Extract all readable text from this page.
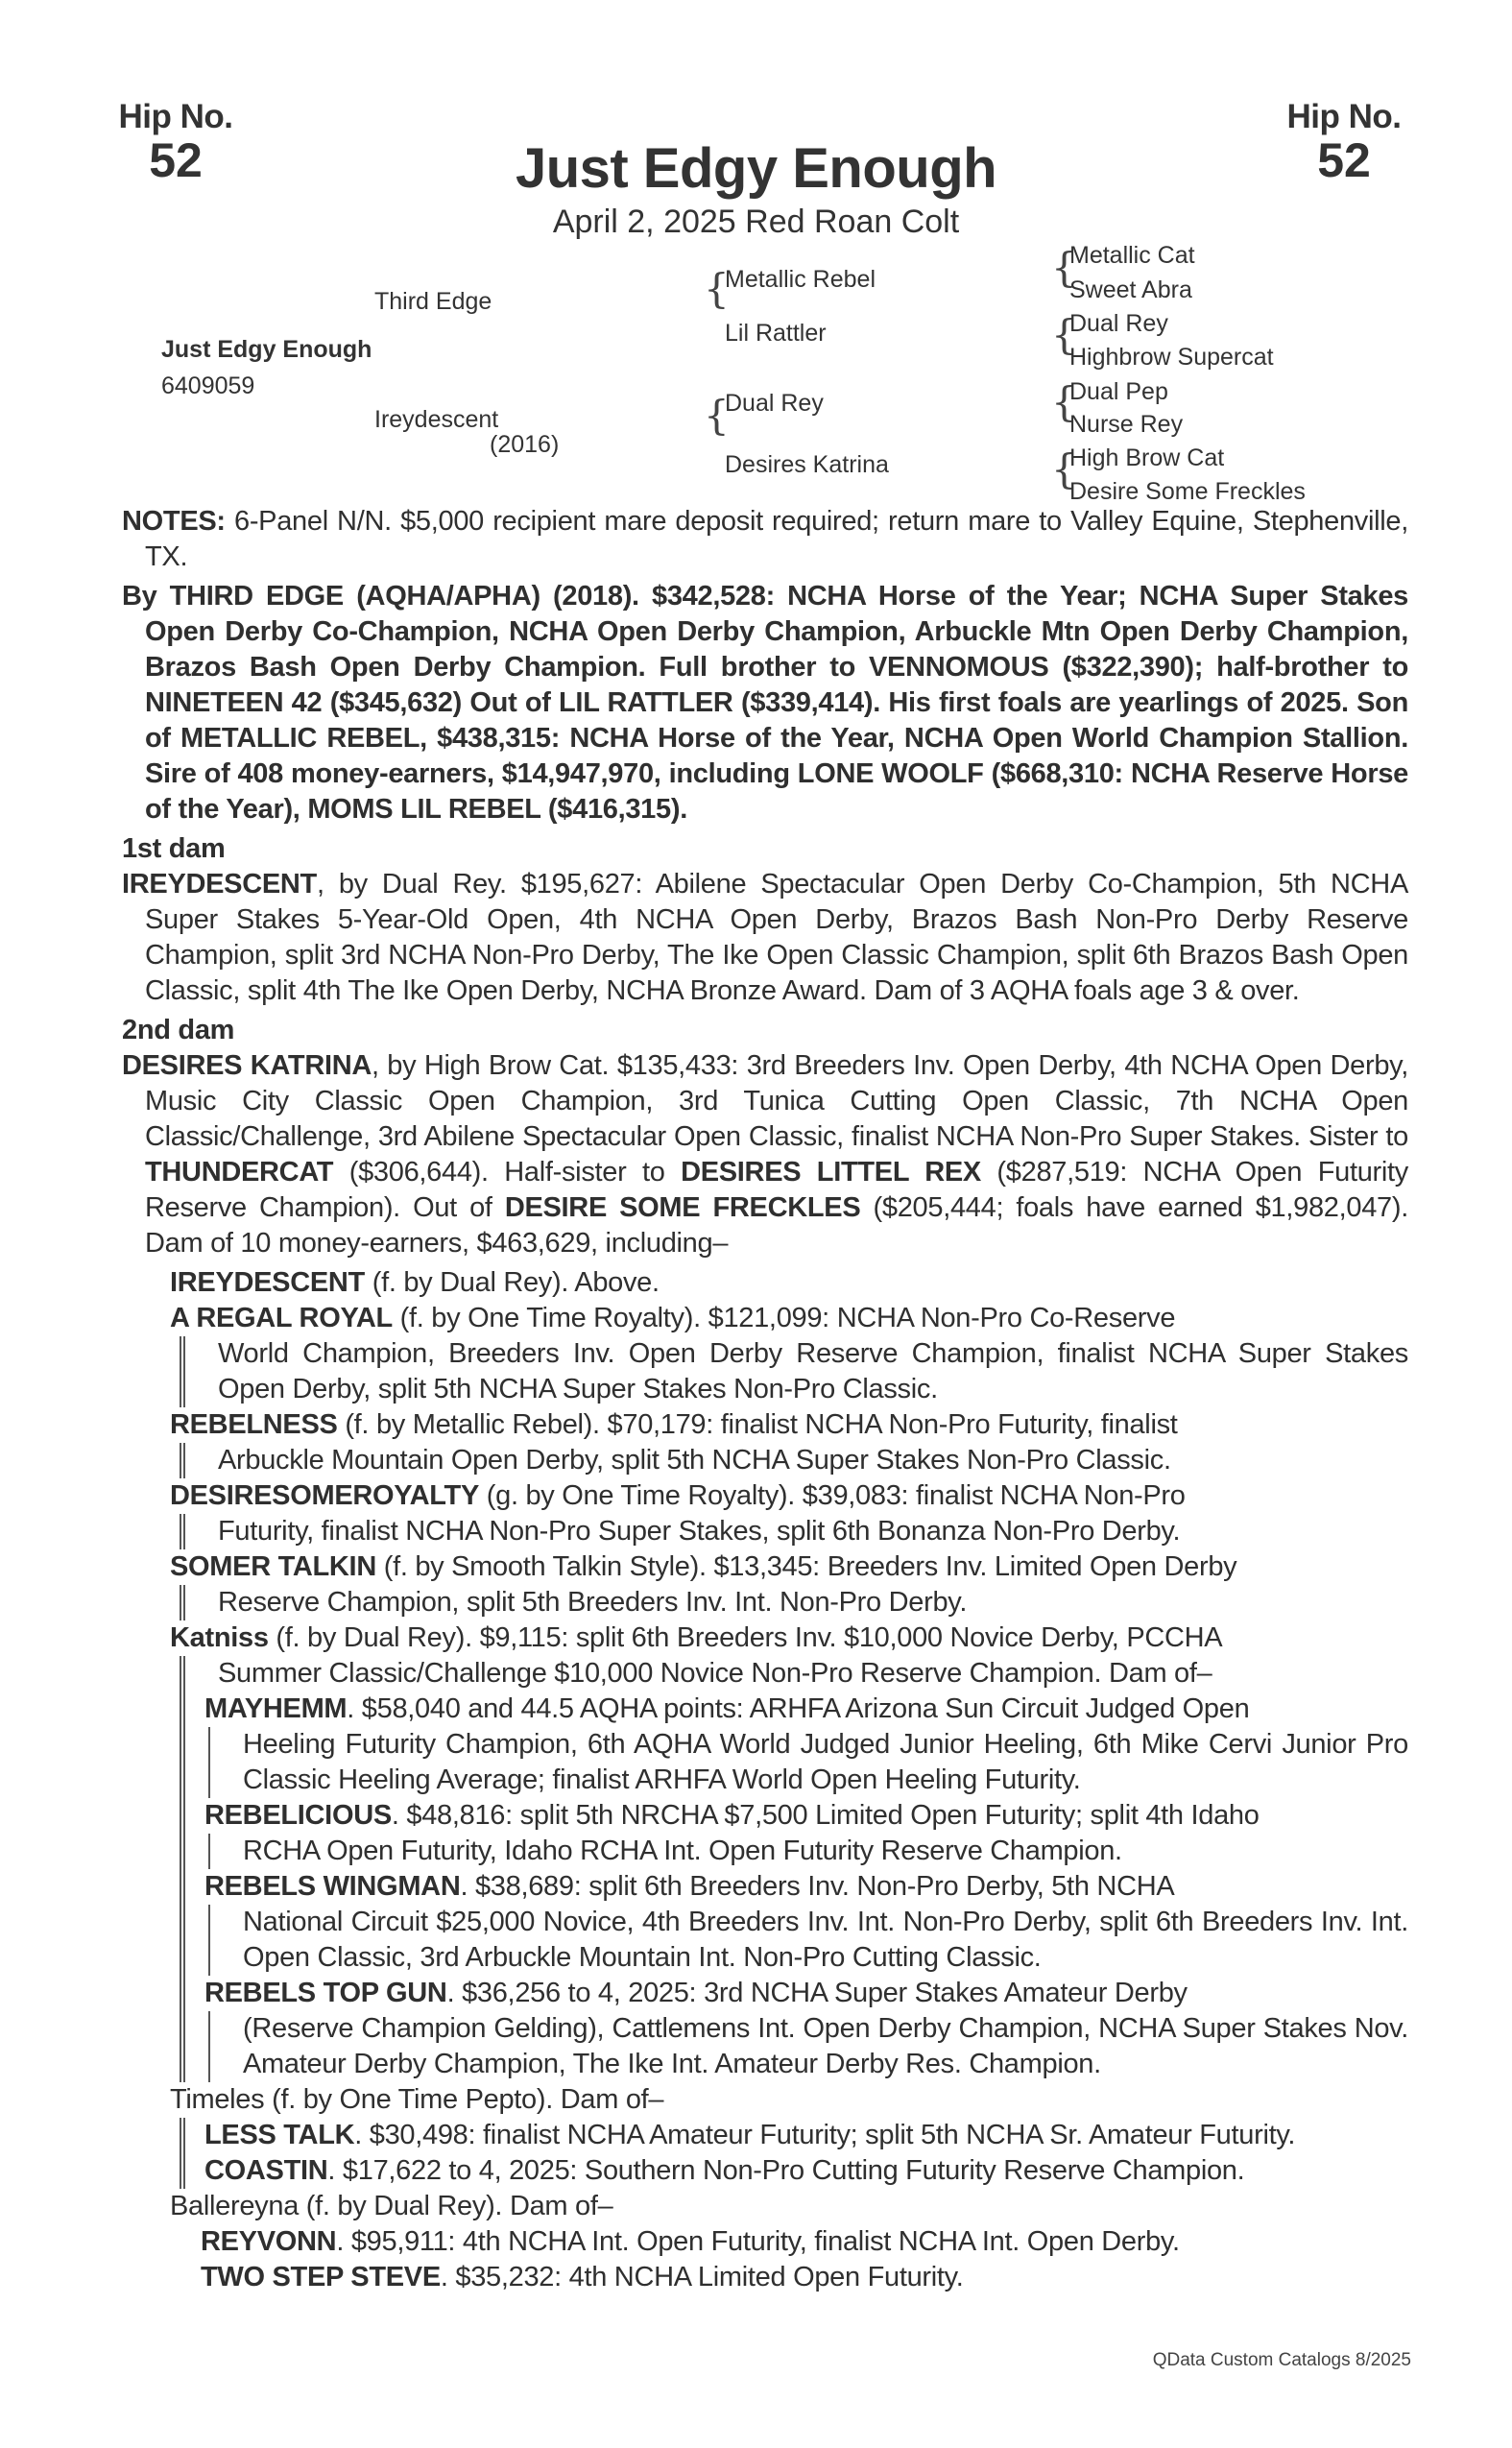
Hip No.
52
Hip No.
52
Just Edgy Enough
April 2, 2025 Red Roan Colt
Third Edge
Just Edgy Enough
6409059
Ireydescent
(2016)
{
Metallic Rebel
Lil Rattler
{
Dual Rey
Desires Katrina
{
Metallic Cat
Sweet Abra
{
Dual Rey
Highbrow Supercat
{
Dual Pep
Nurse Rey
{
High Brow Cat
Desire Some Freckles

NOTES: 6-Panel N/N. $5,000 recipient mare deposit required; return mare to Valley Equine, Stephenville, TX.

By THIRD EDGE (AQHA/APHA) (2018). $342,528: NCHA Horse of the Year; NCHA Super Stakes Open Derby Co-Champion, NCHA Open Derby Champion, Arbuckle Mtn Open Derby Champion, Brazos Bash Open Derby Champion. Full brother to VENNOMOUS ($322,390); half-brother to NINETEEN 42 ($345,632) Out of LIL RATTLER ($339,414). His first foals are yearlings of 2025. Son of METALLIC REBEL, $438,315: NCHA Horse of the Year, NCHA Open World Champion Stallion. Sire of 408 money-earners, $14,947,970, including LONE WOOLF ($668,310: NCHA Reserve Horse of the Year), MOMS LIL REBEL ($416,315).

1st dam

IREYDESCENT, by Dual Rey. $195,627: Abilene Spectacular Open Derby Co-Champion, 5th NCHA Super Stakes 5-Year-Old Open, 4th NCHA Open Derby, Brazos Bash Non-Pro Derby Reserve Champion, split 3rd NCHA Non-Pro Derby, The Ike Open Classic Champion, split 6th Brazos Bash Open Classic, split 4th The Ike Open Derby, NCHA Bronze Award. Dam of 3 AQHA foals age 3 & over.

2nd dam

DESIRES KATRINA, by High Brow Cat. $135,433: 3rd Breeders Inv. Open Derby, 4th NCHA Open Derby, Music City Classic Open Champion, 3rd Tunica Cutting Open Classic, 7th NCHA Open Classic/Challenge, 3rd Abilene Spectacular Open Classic, finalist NCHA Non-Pro Super Stakes. Sister to THUNDERCAT ($306,644). Half-sister to DESIRES LITTEL REX ($287,519: NCHA Open Futurity Reserve Champion). Out of DESIRE SOME FRECKLES ($205,444; foals have earned $1,982,047). Dam of 10 money-earners, $463,629, including–

IREYDESCENT (f. by Dual Rey). Above.

A REGAL ROYAL (f. by One Time Royalty). $121,099: NCHA Non-Pro Co-Reserve

World Champion, Breeders Inv. Open Derby Reserve Champion, finalist NCHA Super Stakes Open Derby, split 5th NCHA Super Stakes Non-Pro Classic.

REBELNESS (f. by Metallic Rebel). $70,179: finalist NCHA Non-Pro Futurity, finalist

Arbuckle Mountain Open Derby, split 5th NCHA Super Stakes Non-Pro Classic.

DESIRESOMEROYALTY (g. by One Time Royalty). $39,083: finalist NCHA Non-Pro

Futurity, finalist NCHA Non-Pro Super Stakes, split 6th Bonanza Non-Pro Derby.

SOMER TALKIN (f. by Smooth Talkin Style). $13,345: Breeders Inv. Limited Open Derby

Reserve Champion, split 5th Breeders Inv. Int. Non-Pro Derby.

Katniss (f. by Dual Rey). $9,115: split 6th Breeders Inv. $10,000 Novice Derby, PCCHA

Summer Classic/Challenge $10,000 Novice Non-Pro Reserve Champion. Dam of–

MAYHEMM. $58,040 and 44.5 AQHA points: ARHFA Arizona Sun Circuit Judged Open

Heeling Futurity Champion, 6th AQHA World Judged Junior Heeling, 6th Mike Cervi Junior Pro Classic Heeling Average; finalist ARHFA World Open Heeling Futurity.

REBELICIOUS. $48,816: split 5th NRCHA $7,500 Limited Open Futurity; split 4th Idaho

RCHA Open Futurity, Idaho RCHA Int. Open Futurity Reserve Champion.

REBELS WINGMAN. $38,689: split 6th Breeders Inv. Non-Pro Derby, 5th NCHA

National Circuit $25,000 Novice, 4th Breeders Inv. Int. Non-Pro Derby, split 6th Breeders Inv. Int. Open Classic, 3rd Arbuckle Mountain Int. Non-Pro Cutting Classic.

REBELS TOP GUN. $36,256 to 4, 2025: 3rd NCHA Super Stakes Amateur Derby

(Reserve Champion Gelding), Cattlemens Int. Open Derby Champion, NCHA Super Stakes Nov. Amateur Derby Champion, The Ike Int. Amateur Derby Res. Champion.

Timeles (f. by One Time Pepto). Dam of–

LESS TALK. $30,498: finalist NCHA Amateur Futurity; split 5th NCHA Sr. Amateur Futurity.

COASTIN. $17,622 to 4, 2025: Southern Non-Pro Cutting Futurity Reserve Champion.

Ballereyna (f. by Dual Rey). Dam of–

REYVONN. $95,911: 4th NCHA Int. Open Futurity, finalist NCHA Int. Open Derby.

TWO STEP STEVE. $35,232: 4th NCHA Limited Open Futurity.

QData Custom Catalogs 8/2025
